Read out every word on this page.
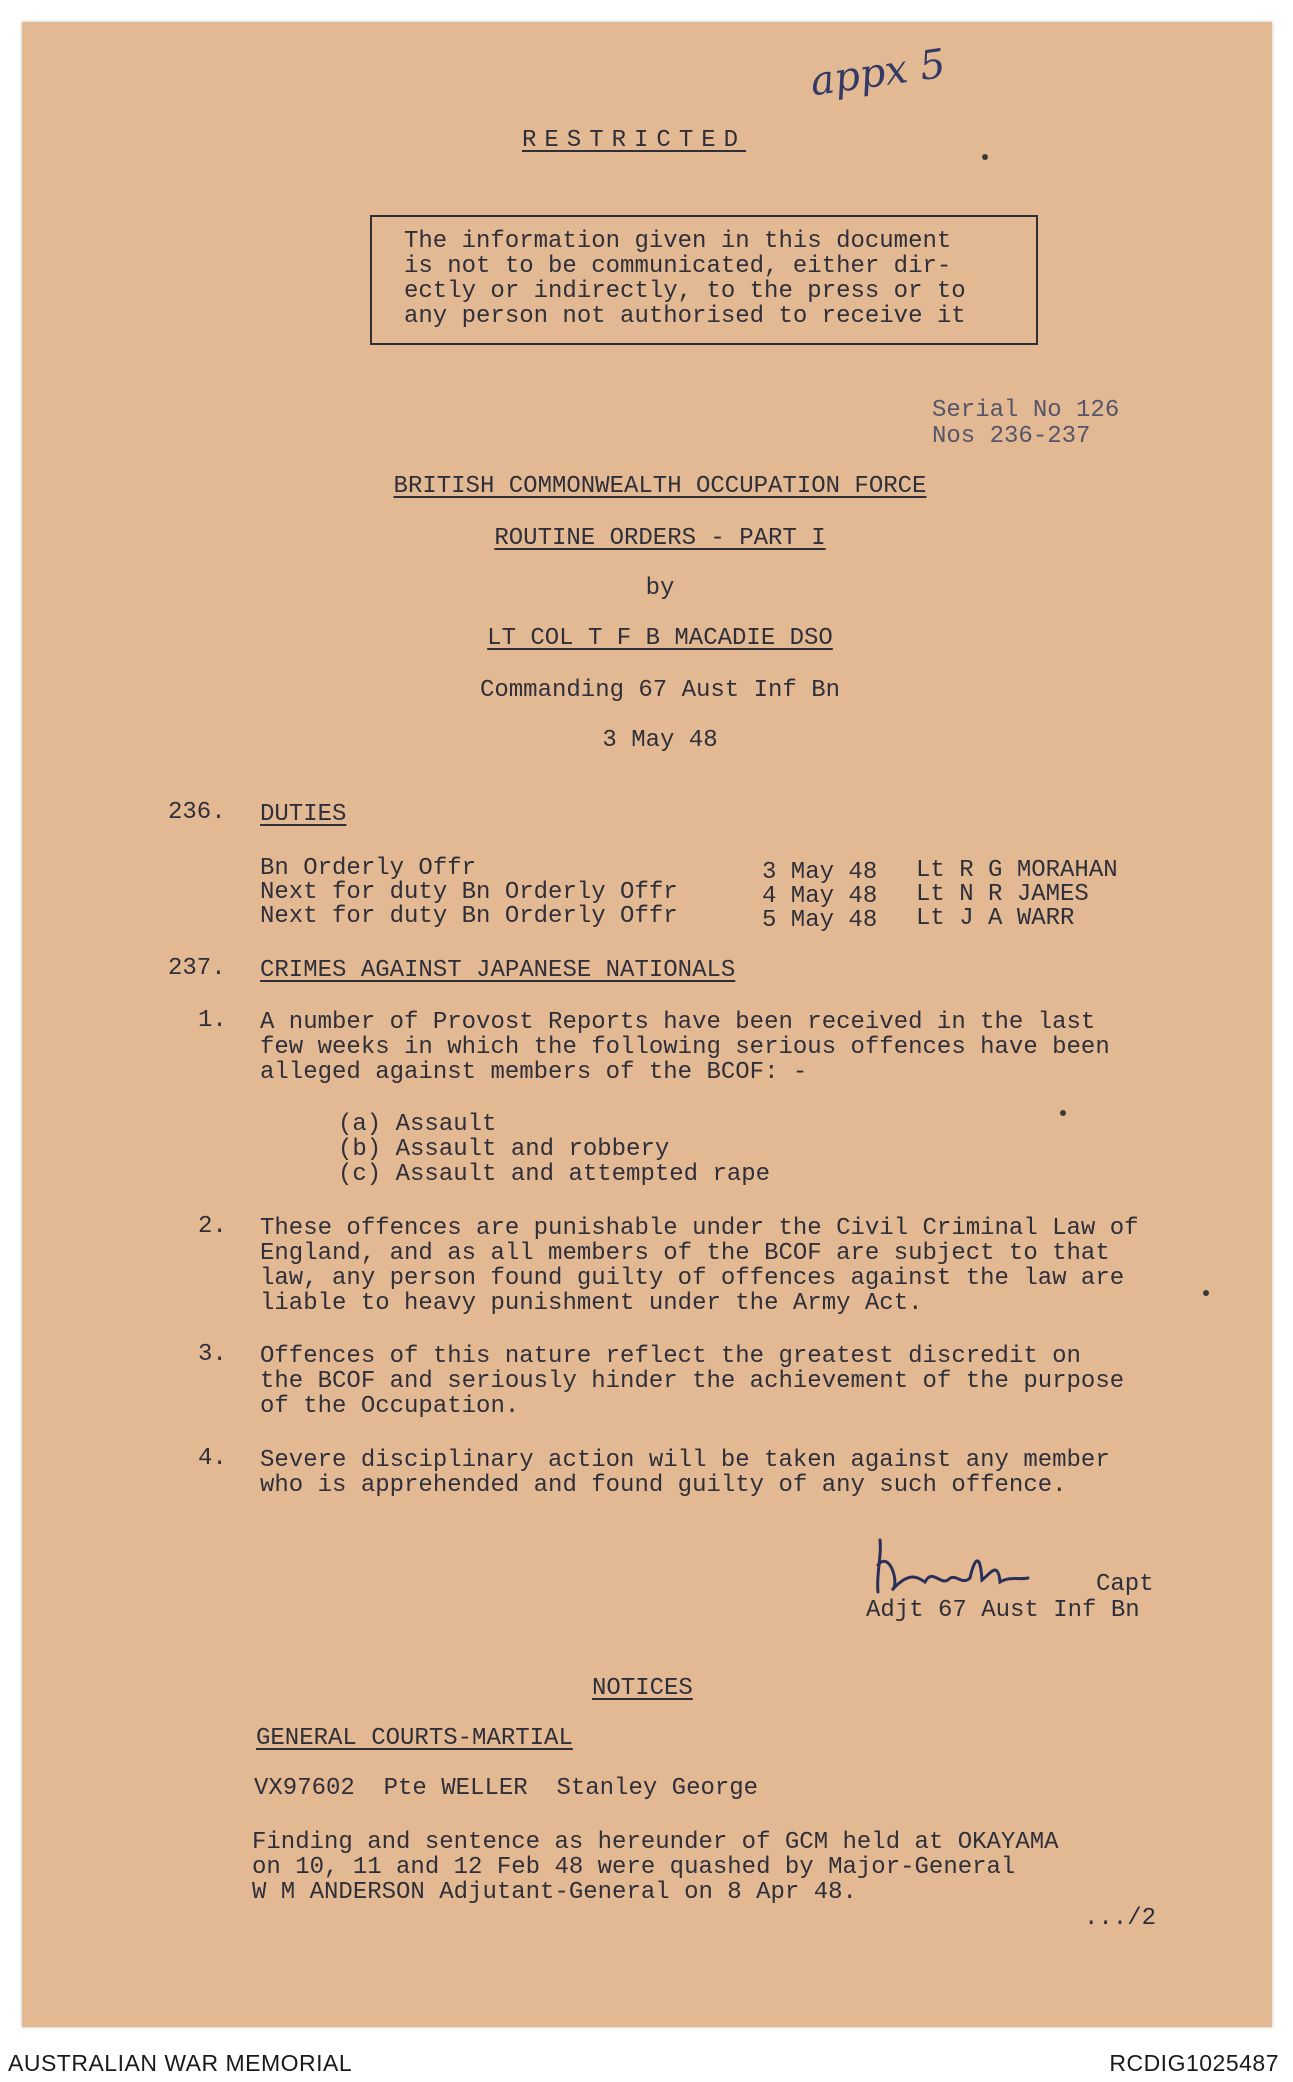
appx 5
RESTRICTED
The information given in this document
is not to be communicated, either dir-
ectly or indirectly, to the press or to
any person not authorised to receive it
Serial No 126
Nos 236-237
BRITISH COMMONWEALTH OCCUPATION FORCE
ROUTINE ORDERS - PART I
by
LT COL T F B MACADIE DSO
Commanding 67 Aust Inf Bn
3 May 48
236. DUTIES
Bn Orderly Offr	3 May 48 Lt R G MORAHAN
Next for duty Bn Orderly Offr	4 May 48 Lt N R JAMES
Next for duty Bn Orderly Offr	5 May 48 Lt J A WARR
237. CRIMES AGAINST JAPANESE NATIONALS
1. A number of Provost Reports have been received in the last
few weeks in which the following serious offences have been
alleged against members of the BCOF: -
(a) Assault
(b) Assault and robbery
(c) Assault and attempted rape
2. These offences are punishable under the Civil Criminal Law of
England, and as all members of the BCOF are subject to that
law, any person found guilty of offences against the law are
liable to heavy punishment under the Army Act.
3. Offences of this nature reflect the greatest discredit on
the BCOF and seriously hinder the achievement of the purpose
of the Occupation.
4. Severe disciplinary action will be taken against any member
who is apprehended and found guilty of any such offence.
Capt
Adjt 67 Aust Inf Bn
NOTICES
GENERAL COURTS-MARTIAL
VX97602  Pte WELLER  Stanley George
Finding and sentence as hereunder of GCM held at OKAYAMA
on 10, 11 and 12 Feb 48 were quashed by Major-General
W M ANDERSON Adjutant-General on 8 Apr 48.
.../2
AUSTRALIAN WAR MEMORIAL	RCDIG1025487
